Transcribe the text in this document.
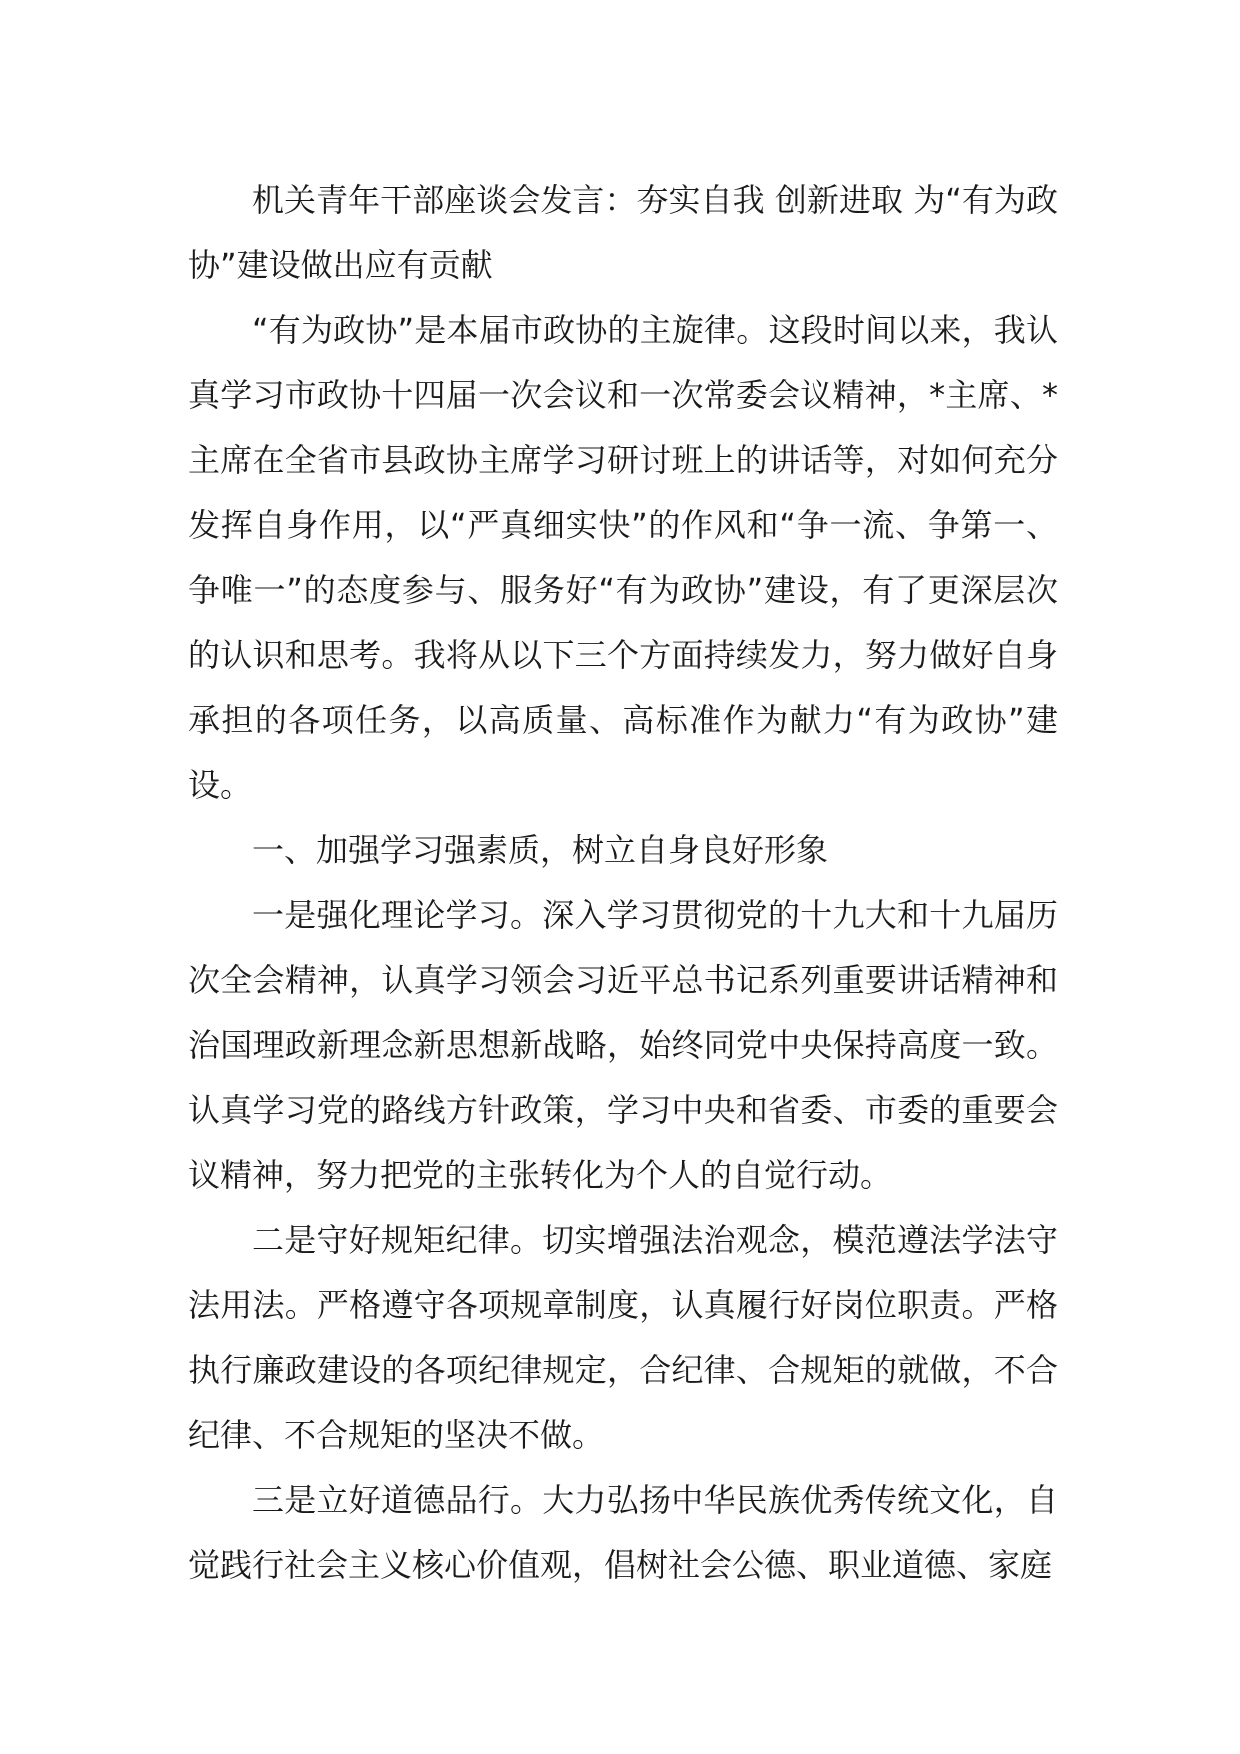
机关青年干部座谈会发言：夯实自我 创新进取 为“有为政协”建设做出应有贡献

“有为政协”是本届市政协的主旋律。这段时间以来，我认真学习市政协十四届一次会议和一次常委会议精神，*主席、*主席在全省市县政协主席学习研讨班上的讲话等，对如何充分发挥自身作用，以“严真细实快”的作风和“争一流、争第一、争唯一”的态度参与、服务好“有为政协”建设，有了更深层次的认识和思考。我将从以下三个方面持续发力，努力做好自身承担的各项任务，以高质量、高标准作为献力“有为政协”建设。

一、加强学习强素质，树立自身良好形象

一是强化理论学习。深入学习贯彻党的十九大和十九届历次全会精神，认真学习领会习近平总书记系列重要讲话精神和治国理政新理念新思想新战略，始终同党中央保持高度一致。认真学习党的路线方针政策，学习中央和省委、市委的重要会议精神，努力把党的主张转化为个人的自觉行动。

二是守好规矩纪律。切实增强法治观念，模范遵法学法守法用法。严格遵守各项规章制度，认真履行好岗位职责。严格执行廉政建设的各项纪律规定，合纪律、合规矩的就做，不合纪律、不合规矩的坚决不做。

三是立好道德品行。大力弘扬中华民族优秀传统文化，自觉践行社会主义核心价值观，倡树社会公德、职业道德、家庭
